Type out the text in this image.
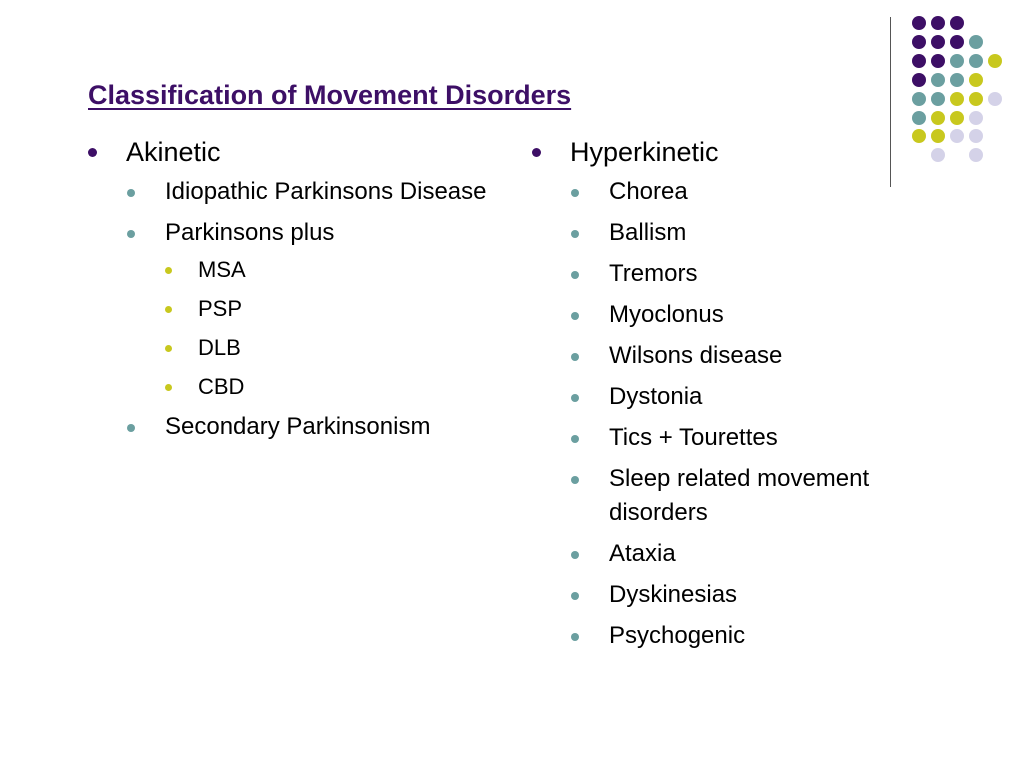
Classification of Movement Disorders
Akinetic
Idiopathic Parkinsons Disease
Parkinsons plus
MSA
PSP
DLB
CBD
Secondary Parkinsonism
Hyperkinetic
Chorea
Ballism
Tremors
Myoclonus
Wilsons disease
Dystonia
Tics + Tourettes
Sleep related movement disorders
Ataxia
Dyskinesias
Psychogenic
